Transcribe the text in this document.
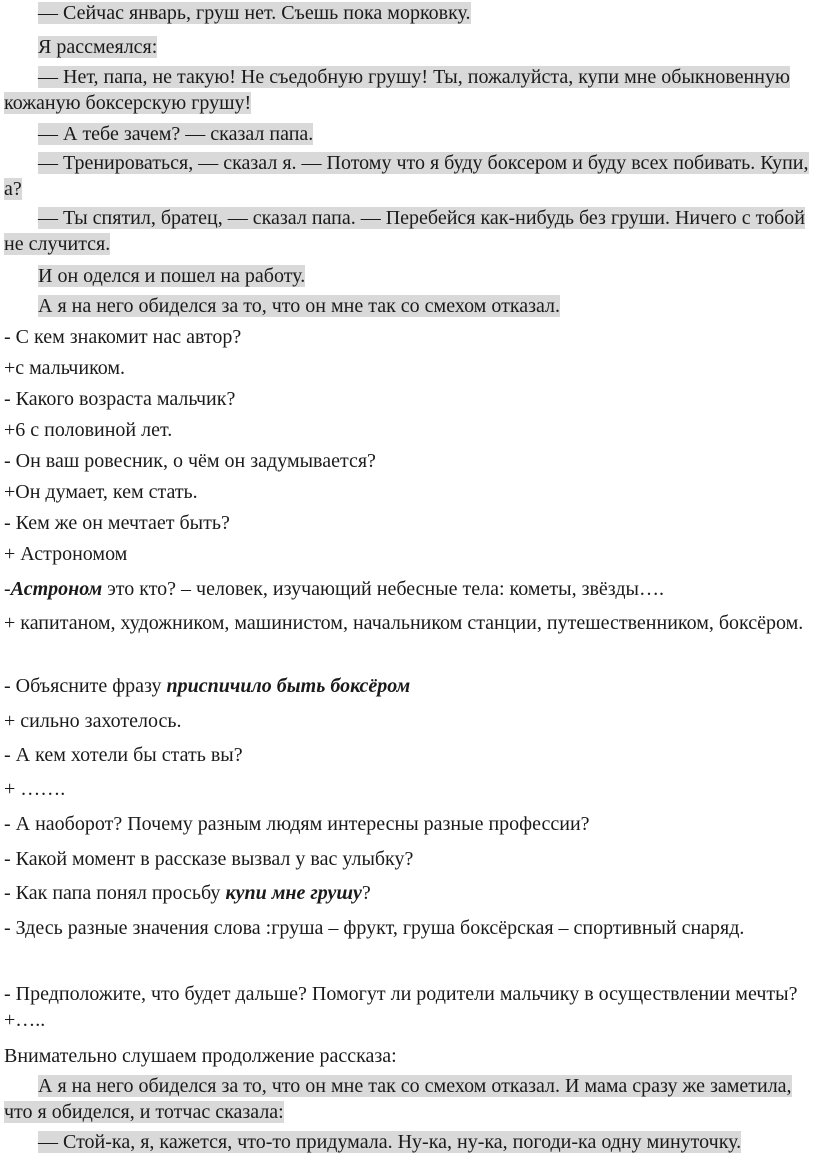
— Сейчас январь, груш нет. Съешь пока морковку.

Я рассмеялся:

— Нет, папа, не такую! Не съедобную грушу! Ты, пожалуйста, купи мне обыкновенную кожаную боксерскую грушу!

— А тебе зачем? — сказал папа.

— Тренироваться, — сказал я. — Потому что я буду боксером и буду всех побивать. Купи, а?

— Ты спятил, братец, — сказал папа. — Перебейся как-нибудь без груши. Ничего с тобой не случится.

И он оделся и пошел на работу.

А я на него обиделся за то, что он мне так со смехом отказал.

- С кем знакомит нас автор?

+с мальчиком.

- Какого возраста мальчик?

+6 с половиной лет.

- Он ваш ровесник, о чём он задумывается?

+Он думает, кем стать.

- Кем же он мечтает быть?

+ Астрономом

-Астроном это кто? – человек, изучающий небесные тела: кометы, звёзды….

+ капитаном, художником, машинистом, начальником станции, путешественником, боксёром.

- Объясните фразу приспичило быть боксёром

+ сильно захотелось.

- А кем хотели бы стать вы?

+ …….

- А наоборот? Почему разным людям интересны разные профессии?

- Какой момент в рассказе вызвал у вас улыбку?

- Как папа понял просьбу купи мне грушу?

- Здесь разные значения слова :груша – фрукт, груша боксёрская – спортивный снаряд.

- Предположите, что будет дальше? Помогут ли родители мальчику в осуществлении мечты? +…..

Внимательно слушаем продолжение рассказа:

А я на него обиделся за то, что он мне так со смехом отказал. И мама сразу же заметила, что я обиделся, и тотчас сказала:

— Стой-ка, я, кажется, что-то придумала. Ну-ка, ну-ка, погоди-ка одну минуточку.
